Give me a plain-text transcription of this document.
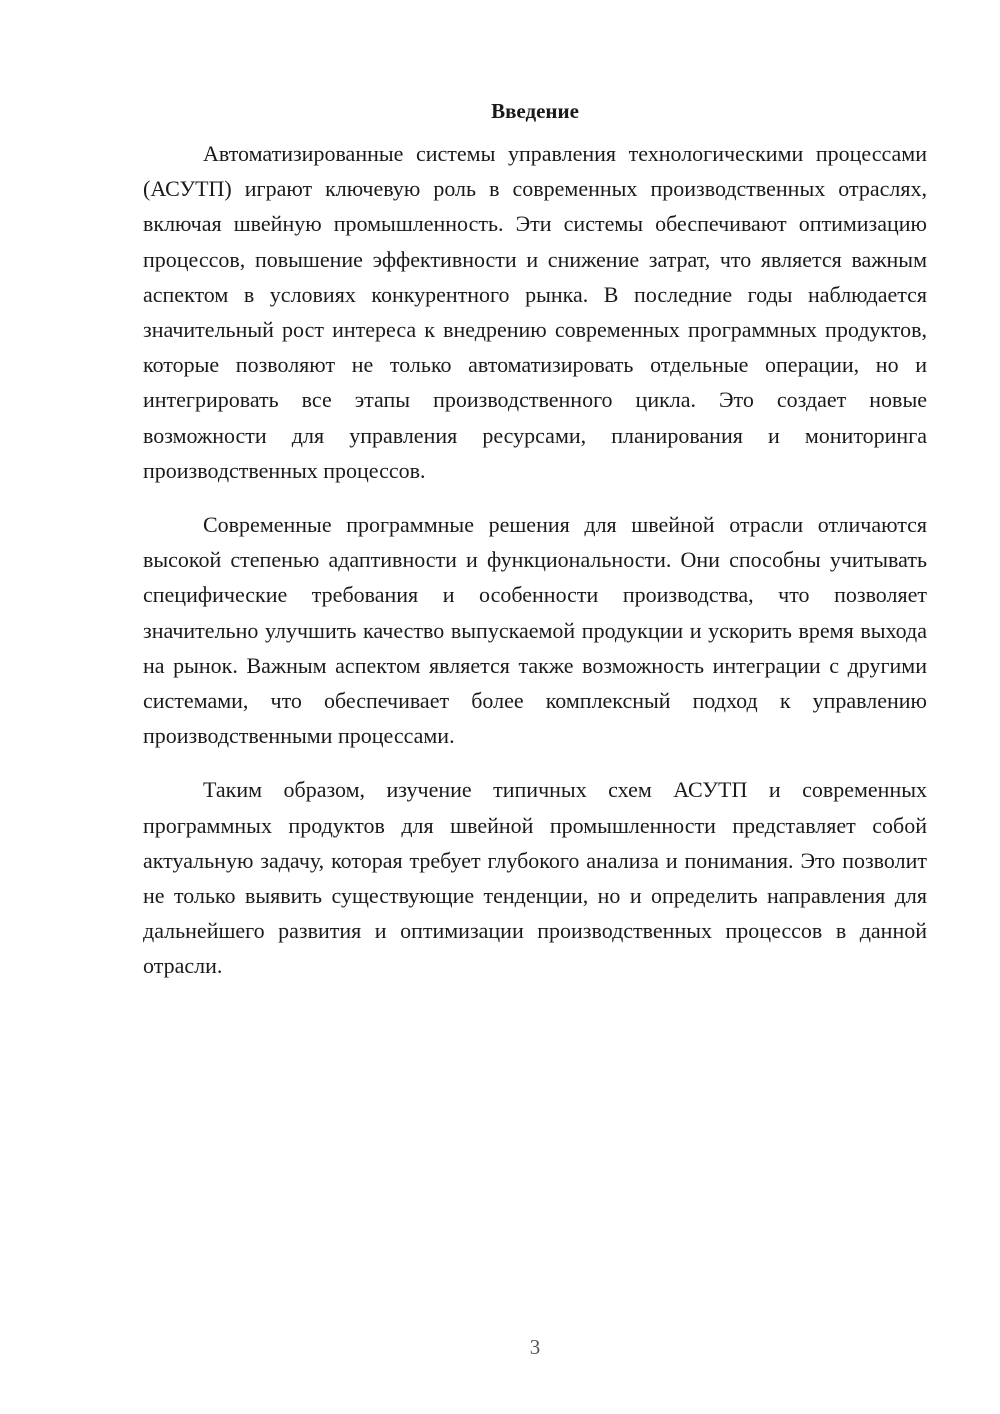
Введение

Автоматизированные системы управления технологическими процессами (АСУТП) играют ключевую роль в современных производственных отраслях, включая швейную промышленность. Эти системы обеспечивают оптимизацию процессов, повышение эффективности и снижение затрат, что является важным аспектом в условиях конкурентного рынка. В последние годы наблюдается значительный рост интереса к внедрению современных программных продуктов, которые позволяют не только автоматизировать отдельные операции, но и интегрировать все этапы производственного цикла. Это создает новые возможности для управления ресурсами, планирования и мониторинга производственных процессов.

Современные программные решения для швейной отрасли отличаются высокой степенью адаптивности и функциональности. Они способны учитывать специфические требования и особенности производства, что позволяет значительно улучшить качество выпускаемой продукции и ускорить время выхода на рынок. Важным аспектом является также возможность интеграции с другими системами, что обеспечивает более комплексный подход к управлению производственными процессами.

Таким образом, изучение типичных схем АСУТП и современных программных продуктов для швейной промышленности представляет собой актуальную задачу, которая требует глубокого анализа и понимания. Это позволит не только выявить существующие тенденции, но и определить направления для дальнейшего развития и оптимизации производственных процессов в данной отрасли.

3
